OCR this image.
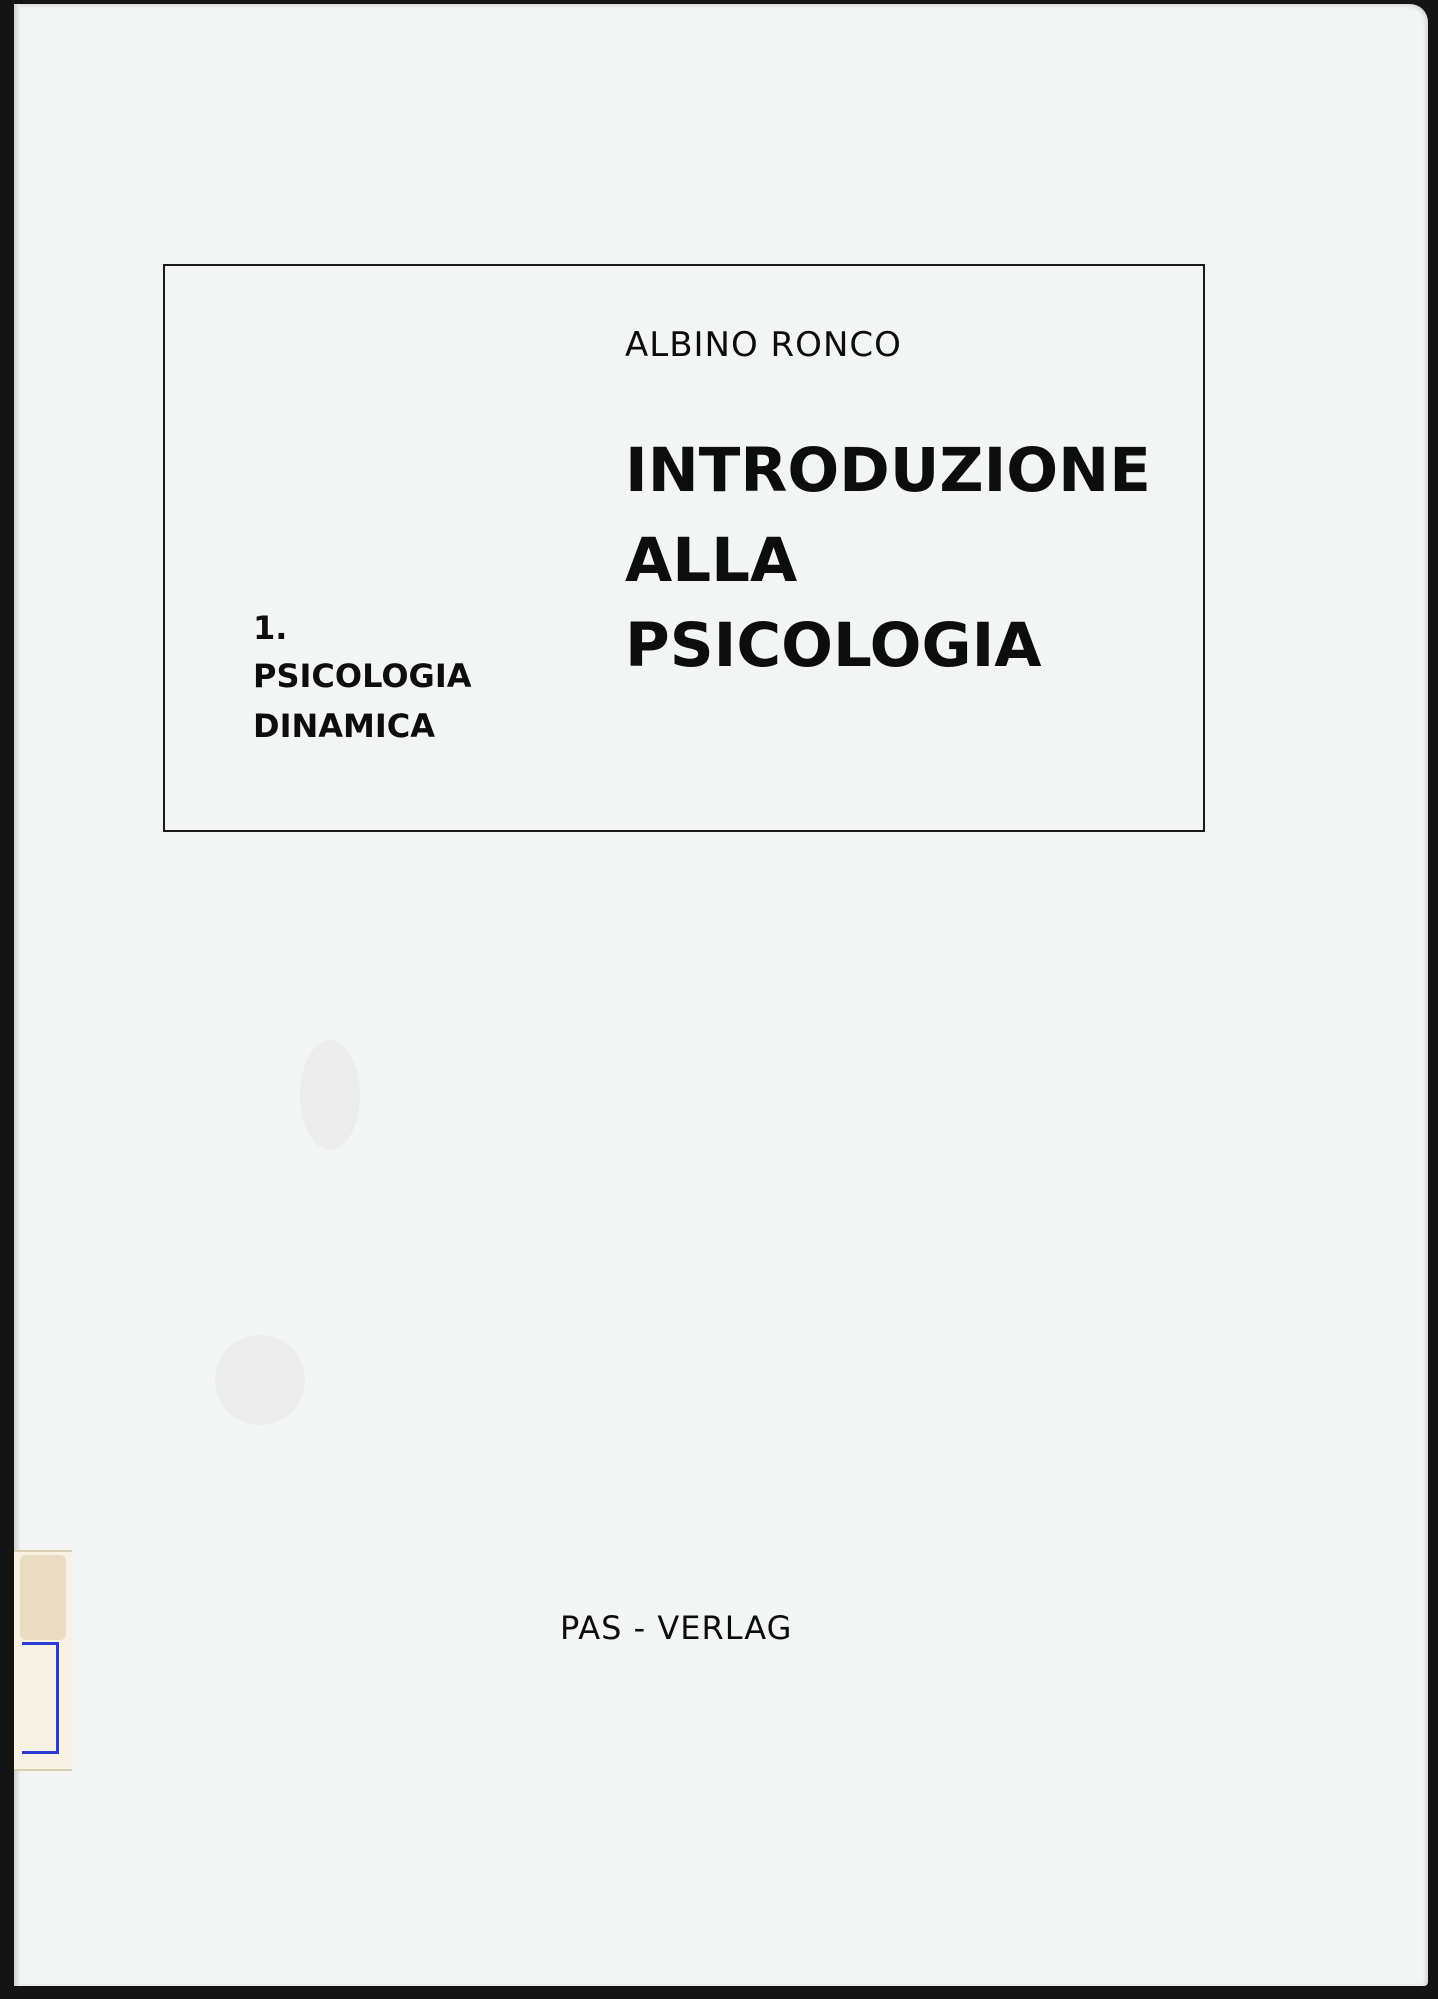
ALBINO RONCO

INTRODUZIONE

ALLA

PSICOLOGIA

1.

PSICOLOGIA

DINAMICA

PAS - VERLAG
